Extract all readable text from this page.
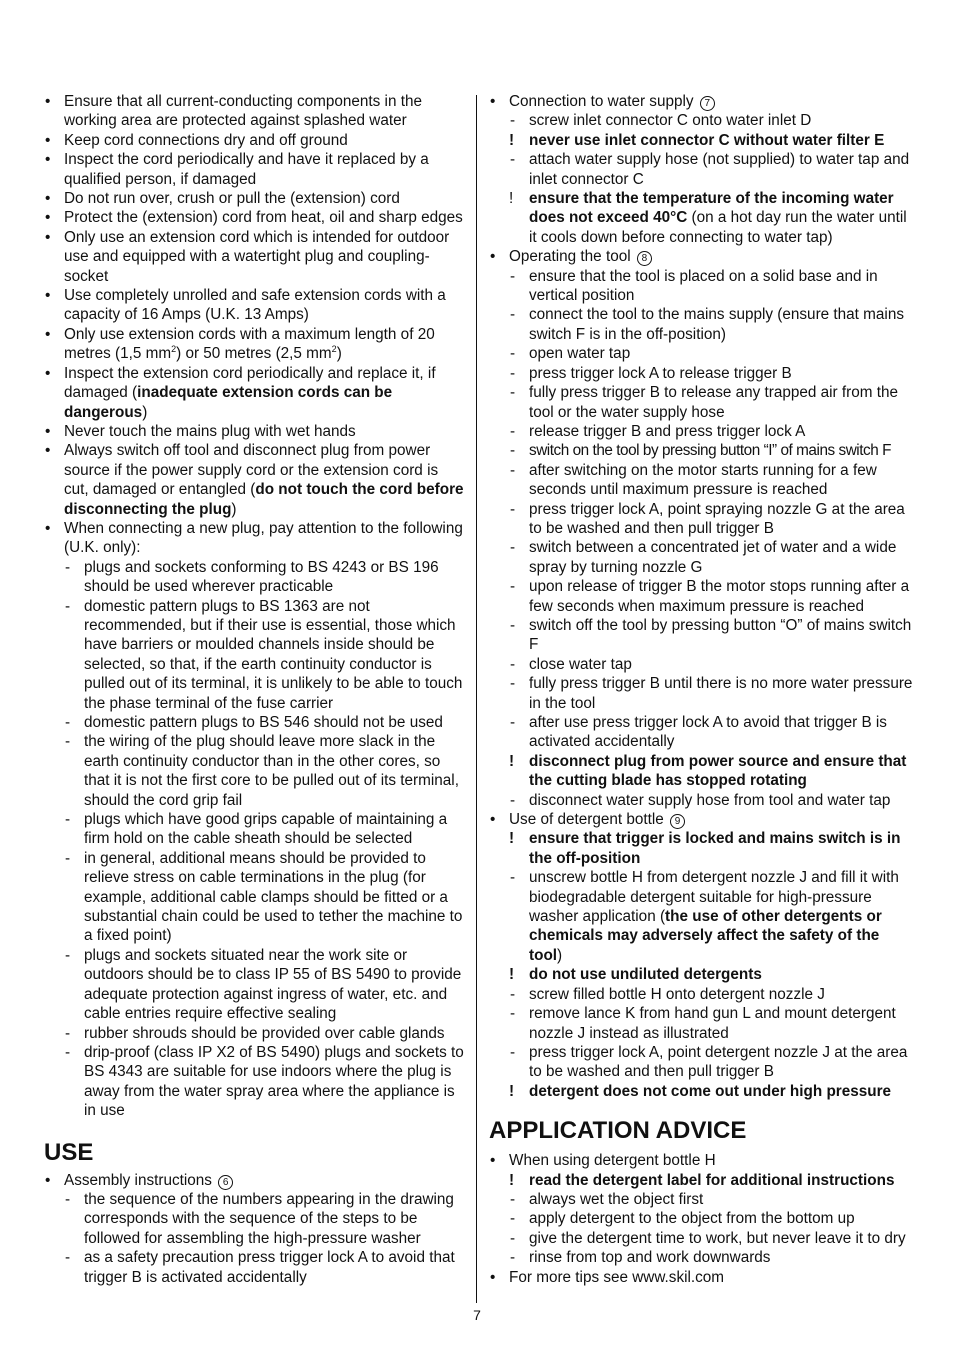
• Ensure that all current-conducting components in the working area are protected against splashed water
• Keep cord connections dry and off ground
• Inspect the cord periodically and have it replaced by a qualified person, if damaged
• Do not run over, crush or pull the (extension) cord
• Protect the (extension) cord from heat, oil and sharp edges
• Only use an extension cord which is intended for outdoor use and equipped with a watertight plug and coupling-socket
• Use completely unrolled and safe extension cords with a capacity of 16 Amps (U.K. 13 Amps)
• Only use extension cords with a maximum length of 20 metres (1,5 $mm^2$) or 50 metres (2,5 $mm^2$)
• Inspect the extension cord periodically and replace it, if damaged (inadequate extension cords can be dangerous)
• Never touch the mains plug with wet hands
• Always switch off tool and disconnect plug from power source if the power supply cord or the extension cord is cut, damaged or entangled (do not touch the cord before disconnecting the plug)
• When connecting a new plug, pay attention to the following (U.K. only):
- plugs and sockets conforming to BS 4243 or BS 196 should be used wherever practicable
- domestic pattern plugs to BS 1363 are not recommended, but if their use is essential, those which have barriers or moulded channels inside should be selected, so that, if the earth continuity conductor is pulled out of its terminal, it is unlikely to be able to touch the phase terminal of the fuse carrier
- domestic pattern plugs to BS 546 should not be used
- the wiring of the plug should leave more slack in the earth continuity conductor than in the other cores, so that it is not the first core to be pulled out of its terminal, should the cord grip fail
- plugs which have good grips capable of maintaining a firm hold on the cable sheath should be selected
- in general, additional means should be provided to relieve stress on cable terminations in the plug (for example, additional cable clamps should be fitted or a substantial chain could be used to tether the machine to a fixed point)
- plugs and sockets situated near the work site or outdoors should be to class IP 55 of BS 5490 to provide adequate protection against ingress of water, etc. and cable entries require effective sealing
- rubber shrouds should be provided over cable glands
- drip-proof (class IP X2 of BS 5490) plugs and sockets to BS 4343 are suitable for use indoors where the plug is away from the water spray area where the appliance is in use
USE
• Assembly instructions 6
- the sequence of the numbers appearing in the drawing corresponds with the sequence of the steps to be followed for assembling the high-pressure washer
- as a safety precaution press trigger lock A to avoid that trigger B is activated accidentally
• Connection to water supply 7
- screw inlet connector C onto water inlet D
! never use inlet connector C without water filter E
- attach water supply hose (not supplied) to water tap and inlet connector C
! ensure that the temperature of the incoming water does not exceed 40°C (on a hot day run the water until it cools down before connecting to water tap)
• Operating the tool 8
- ensure that the tool is placed on a solid base and in vertical position
- connect the tool to the mains supply (ensure that mains switch F is in the off-position)
- open water tap
- press trigger lock A to release trigger B
- fully press trigger B to release any trapped air from the tool or the water supply hose
- release trigger B and press trigger lock A
- switch on the tool by pressing button “I” of mains switch F
- after switching on the motor starts running for a few seconds until maximum pressure is reached
- press trigger lock A, point spraying nozzle G at the area to be washed and then pull trigger B
- switch between a concentrated jet of water and a wide spray by turning nozzle G
- upon release of trigger B the motor stops running after a few seconds when maximum pressure is reached
- switch off the tool by pressing button “O” of mains switch F
- close water tap
- fully press trigger B until there is no more water pressure in the tool
- after use press trigger lock A to avoid that trigger B is activated accidentally
! disconnect plug from power source and ensure that the cutting blade has stopped rotating
- disconnect water supply hose from tool and water tap
• Use of detergent bottle 9
! ensure that trigger is locked and mains switch is in the off-position
- unscrew bottle H from detergent nozzle J and fill it with biodegradable detergent suitable for high-pressure washer application (the use of other detergents or chemicals may adversely affect the safety of the tool)
! do not use undiluted detergents
- screw filled bottle H onto detergent nozzle J
- remove lance K from hand gun L and mount detergent nozzle J instead as illustrated
- press trigger lock A, point detergent nozzle J at the area to be washed and then pull trigger B
! detergent does not come out under high pressure
APPLICATION ADVICE
• When using detergent bottle H
! read the detergent label for additional instructions
- always wet the object first
- apply detergent to the object from the bottom up
- give the detergent time to work, but never leave it to dry
- rinse from top and work downwards
• For more tips see www.skil.com
7
